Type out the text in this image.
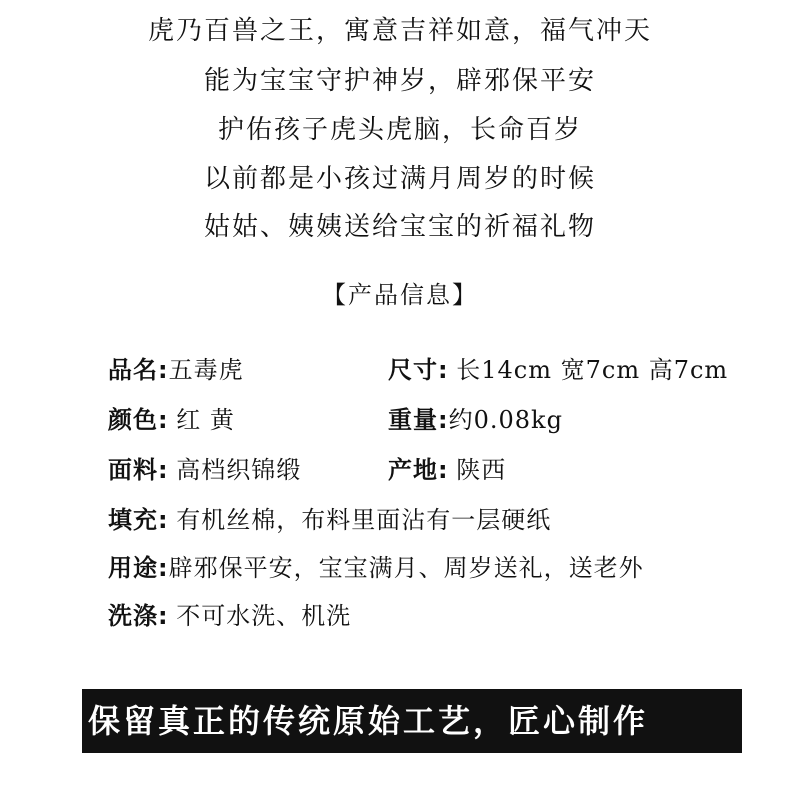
虎乃百兽之王，寓意吉祥如意，福气冲天
能为宝宝守护神岁，辟邪保平安
护佑孩子虎头虎脑，长命百岁
以前都是小孩过满月周岁的时候
姑姑、姨姨送给宝宝的祈福礼物
【产品信息】
品名:五毒虎	尺寸: 长14cm 宽7cm 高7cm
颜色: 红 黄	重量:约0.08kg
面料: 高档织锦缎	产地: 陕西
填充: 有机丝棉，布料里面沾有一层硬纸
用途:辟邪保平安，宝宝满月、周岁送礼，送老外
洗涤: 不可水洗、机洗
保留真正的传统原始工艺，匠心制作
